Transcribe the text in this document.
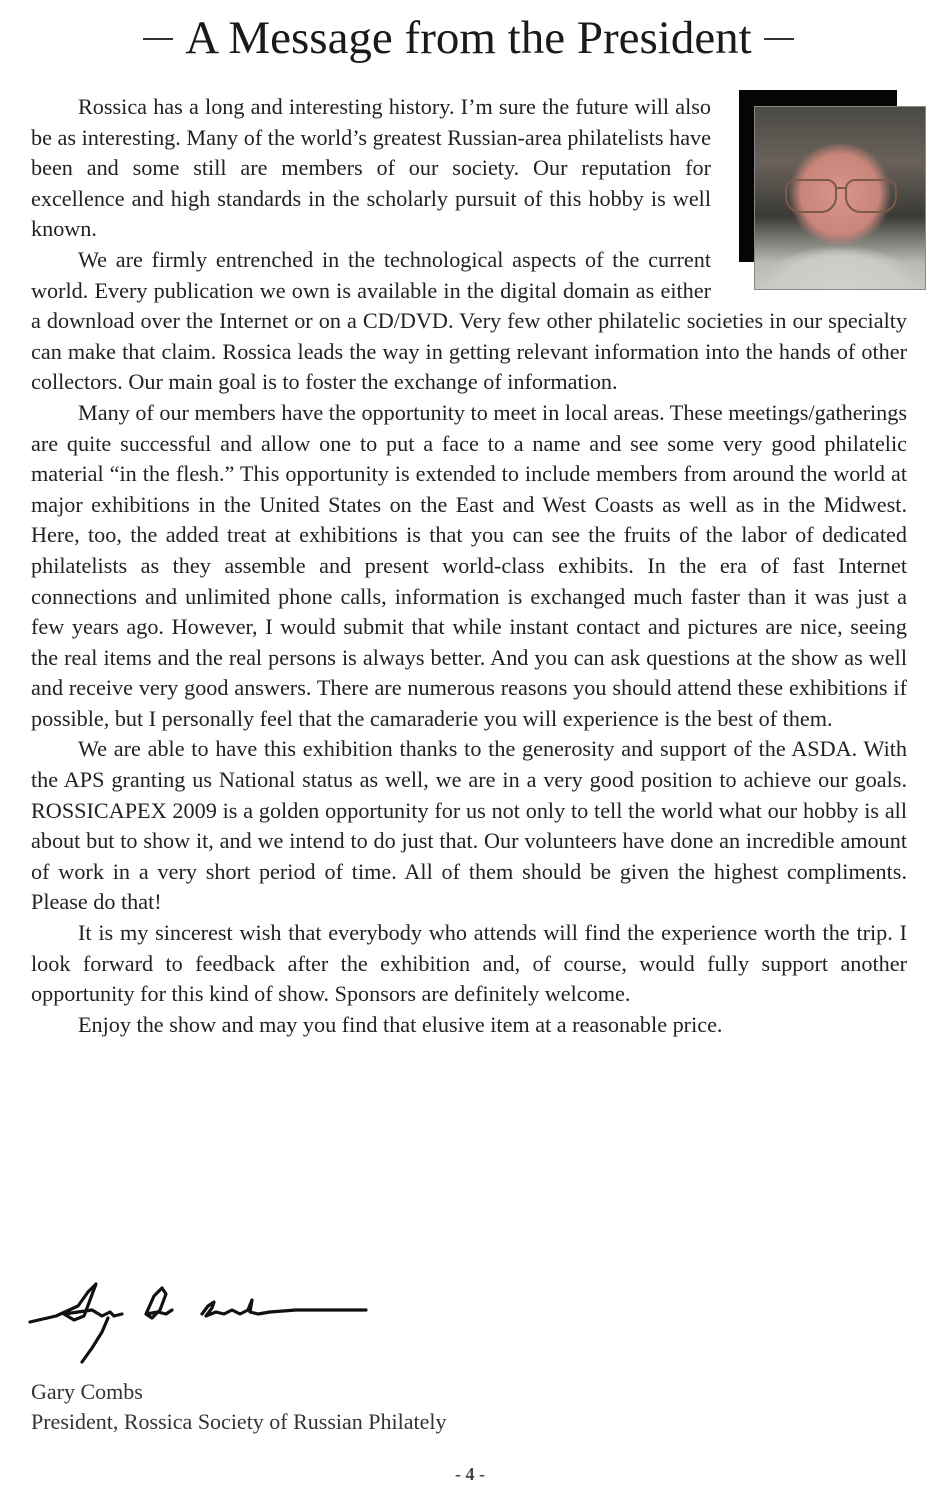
A Message from the President

Rossica has a long and interesting history. I’m sure the future will also be as interesting. Many of the world’s greatest Russian-area philatelists have been and some still are members of our society. Our reputation for excellence and high standards in the scholarly pursuit of this hobby is well known.

We are firmly entrenched in the technological aspects of the current world. Every publication we own is available in the digital domain as either a download over the Internet or on a CD/DVD. Very few other philatelic societies in our specialty can make that claim. Rossica leads the way in getting relevant information into the hands of other collectors. Our main goal is to foster the exchange of information.

Many of our members have the opportunity to meet in local areas. These meetings/gatherings are quite successful and allow one to put a face to a name and see some very good philatelic material “in the flesh.” This opportunity is extended to include members from around the world at major exhibitions in the United States on the East and West Coasts as well as in the Midwest. Here, too, the added treat at exhibitions is that you can see the fruits of the labor of dedicated philatelists as they assemble and present world-class exhibits. In the era of fast Internet connections and unlimited phone calls, information is exchanged much faster than it was just a few years ago. However, I would submit that while instant contact and pictures are nice, seeing the real items and the real persons is always better. And you can ask questions at the show as well and receive very good answers. There are numerous reasons you should attend these exhibitions if possible, but I personally feel that the camaraderie you will experience is the best of them.

We are able to have this exhibition thanks to the generosity and support of the ASDA. With the APS granting us National status as well, we are in a very good position to achieve our goals. ROSSICAPEX 2009 is a golden opportunity for us not only to tell the world what our hobby is all about but to show it, and we intend to do just that. Our volunteers have done an incredible amount of work in a very short period of time. All of them should be given the highest compliments. Please do that!

It is my sincerest wish that everybody who attends will find the experience worth the trip. I look forward to feedback after the exhibition and, of course, would fully support another opportunity for this kind of show. Sponsors are definitely welcome.

Enjoy the show and may you find that elusive item at a reasonable price.

Gary Combs
President, Rossica Society of Russian Philately
- 4 -
